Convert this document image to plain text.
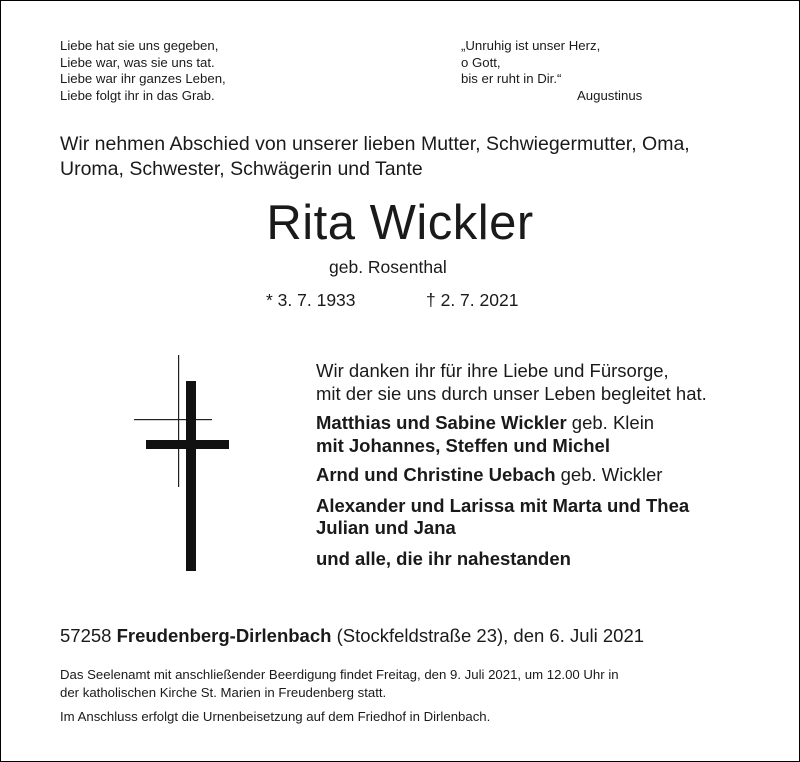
Liebe hat sie uns gegeben,
Liebe war, was sie uns tat.
Liebe war ihr ganzes Leben,
Liebe folgt ihr in das Grab.
„Unruhig ist unser Herz,
o Gott,
bis er ruht in Dir.“
Augustinus
Wir nehmen Abschied von unserer lieben Mutter, Schwiegermutter, Oma,
Uroma, Schwester, Schwägerin und Tante
Rita Wickler
geb. Rosenthal
* 3. 7. 1933	† 2. 7. 2021
Wir danken ihr für ihre Liebe und Fürsorge,
mit der sie uns durch unser Leben begleitet hat.
Matthias und Sabine Wickler geb. Klein
mit Johannes, Steffen und Michel
Arnd und Christine Uebach geb. Wickler
Alexander und Larissa mit Marta und Thea
Julian und Jana
und alle, die ihr nahestanden
57258 Freudenberg-Dirlenbach (Stockfeldstraße 23), den 6. Juli 2021
Das Seelenamt mit anschließender Beerdigung findet Freitag, den 9. Juli 2021, um 12.00 Uhr in
der katholischen Kirche St. Marien in Freudenberg statt.
Im Anschluss erfolgt die Urnenbeisetzung auf dem Friedhof in Dirlenbach.
